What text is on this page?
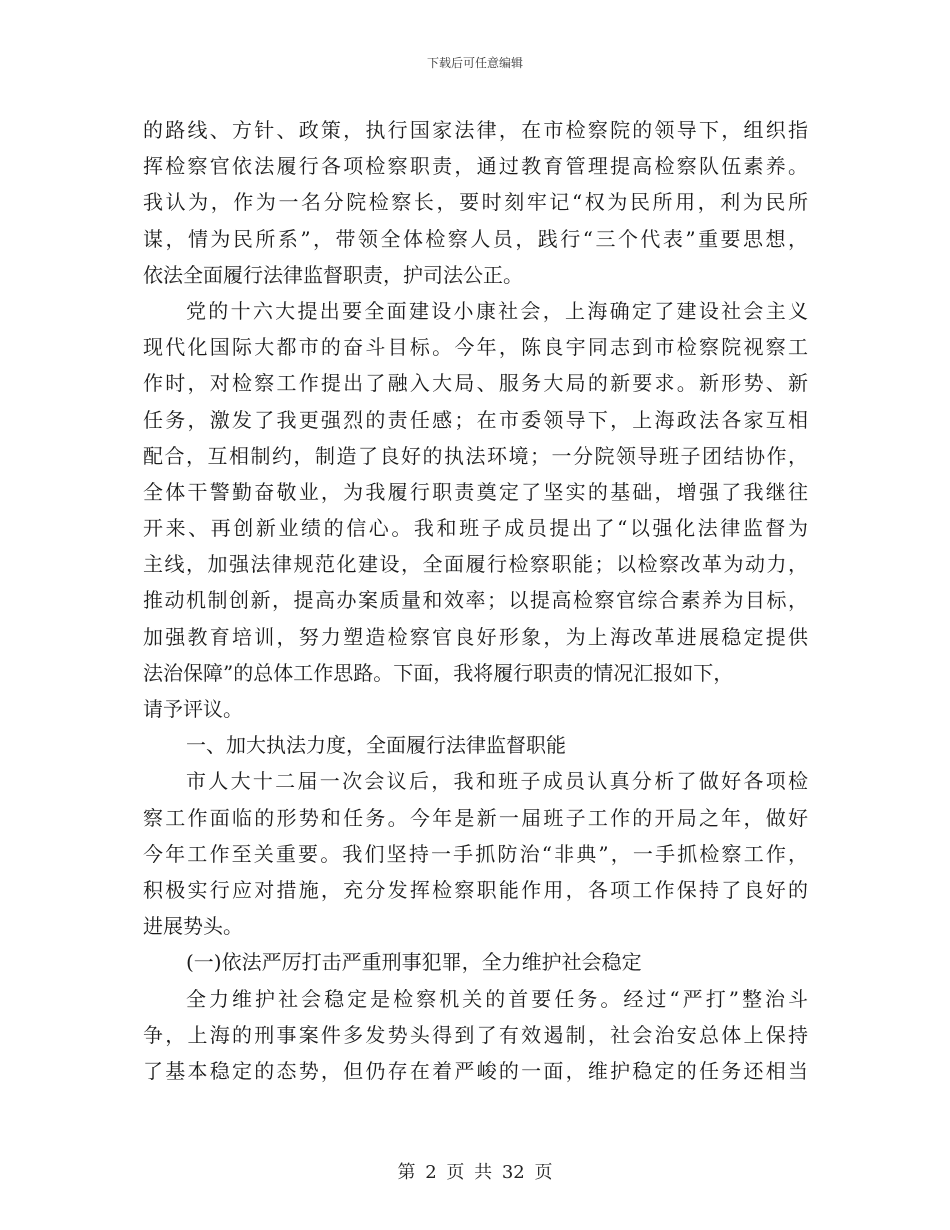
下载后可任意编辑
的路线、方针、政策，执行国家法律，在市检察院的领导下，组织指
挥检察官依法履行各项检察职责，通过教育管理提高检察队伍素养。
我认为，作为一名分院检察长，要时刻牢记“权为民所用，利为民所
谋，情为民所系”，带领全体检察人员，践行“三个代表”重要思想，
依法全面履行法律监督职责，护司法公正。
党的十六大提出要全面建设小康社会，上海确定了建设社会主义
现代化国际大都市的奋斗目标。今年，陈良宇同志到市检察院视察工
作时，对检察工作提出了融入大局、服务大局的新要求。新形势、新
任务，激发了我更强烈的责任感；在市委领导下，上海政法各家互相
配合，互相制约，制造了良好的执法环境；一分院领导班子团结协作，
全体干警勤奋敬业，为我履行职责奠定了坚实的基础，增强了我继往
开来、再创新业绩的信心。我和班子成员提出了“以强化法律监督为
主线，加强法律规范化建设，全面履行检察职能；以检察改革为动力，
推动机制创新，提高办案质量和效率；以提高检察官综合素养为目标，
加强教育培训，努力塑造检察官良好形象，为上海改革进展稳定提供
法治保障”的总体工作思路。下面，我将履行职责的情况汇报如下，
请予评议。
一、加大执法力度，全面履行法律监督职能
市人大十二届一次会议后，我和班子成员认真分析了做好各项检
察工作面临的形势和任务。今年是新一届班子工作的开局之年，做好
今年工作至关重要。我们坚持一手抓防治“非典”，一手抓检察工作，
积极实行应对措施，充分发挥检察职能作用，各项工作保持了良好的
进展势头。
(一)依法严厉打击严重刑事犯罪，全力维护社会稳定
全力维护社会稳定是检察机关的首要任务。经过“严打”整治斗
争，上海的刑事案件多发势头得到了有效遏制，社会治安总体上保持
了基本稳定的态势，但仍存在着严峻的一面，维护稳定的任务还相当
第 2 页 共 32 页
